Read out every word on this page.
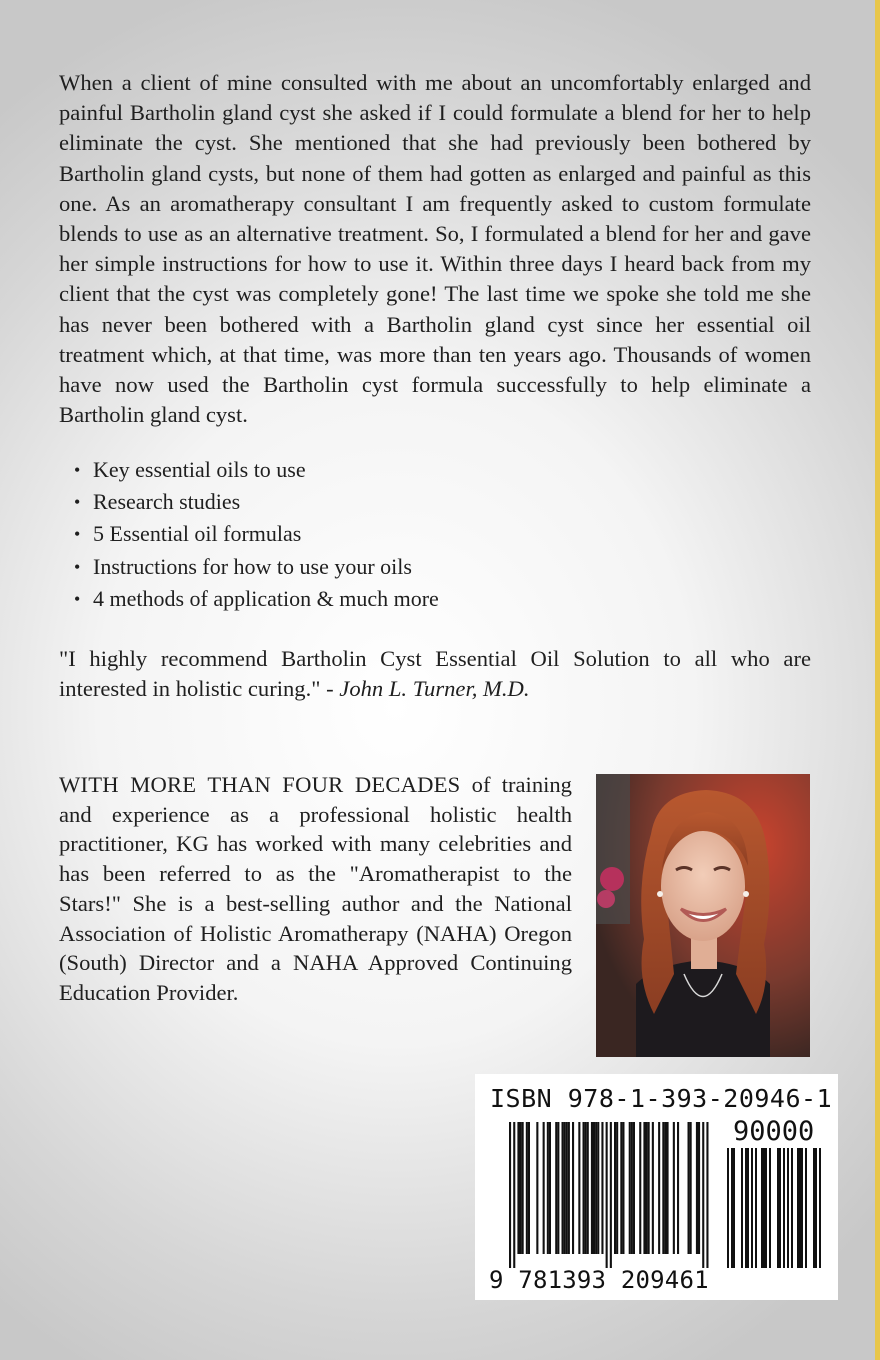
When a client of mine consulted with me about an uncomfortably enlarged and painful Bartholin gland cyst she asked if I could formulate a blend for her to help eliminate the cyst. She mentioned that she had previously been bothered by Bartholin gland cysts, but none of them had gotten as enlarged and painful as this one. As an aromatherapy consultant I am frequently asked to custom formulate blends to use as an alternative treatment. So, I formulated a blend for her and gave her simple instructions for how to use it. Within three days I heard back from my client that the cyst was completely gone! The last time we spoke she told me she has never been bothered with a Bartholin gland cyst since her essential oil treatment which, at that time, was more than ten years ago. Thousands of women have now used the Bartholin cyst formula successfully to help eliminate a Bartholin gland cyst.

• Key essential oils to use
• Research studies
• 5 Essential oil formulas
• Instructions for how to use your oils
• 4 methods of application & much more

"I highly recommend Bartholin Cyst Essential Oil Solution to all who are interested in holistic curing." - John L. Turner, M.D.

WITH MORE THAN FOUR DECADES of training and experience as a professional holistic health practitioner, KG has worked with many celebrities and has been referred to as the "Aromatherapist to the Stars!" She is a best-selling author and the National Association of Holistic Aromatherapy (NAHA) Oregon (South) Director and a NAHA Approved Continuing Education Provider.

ISBN 978-1-393-20946-1
90000
9 781393 209461
